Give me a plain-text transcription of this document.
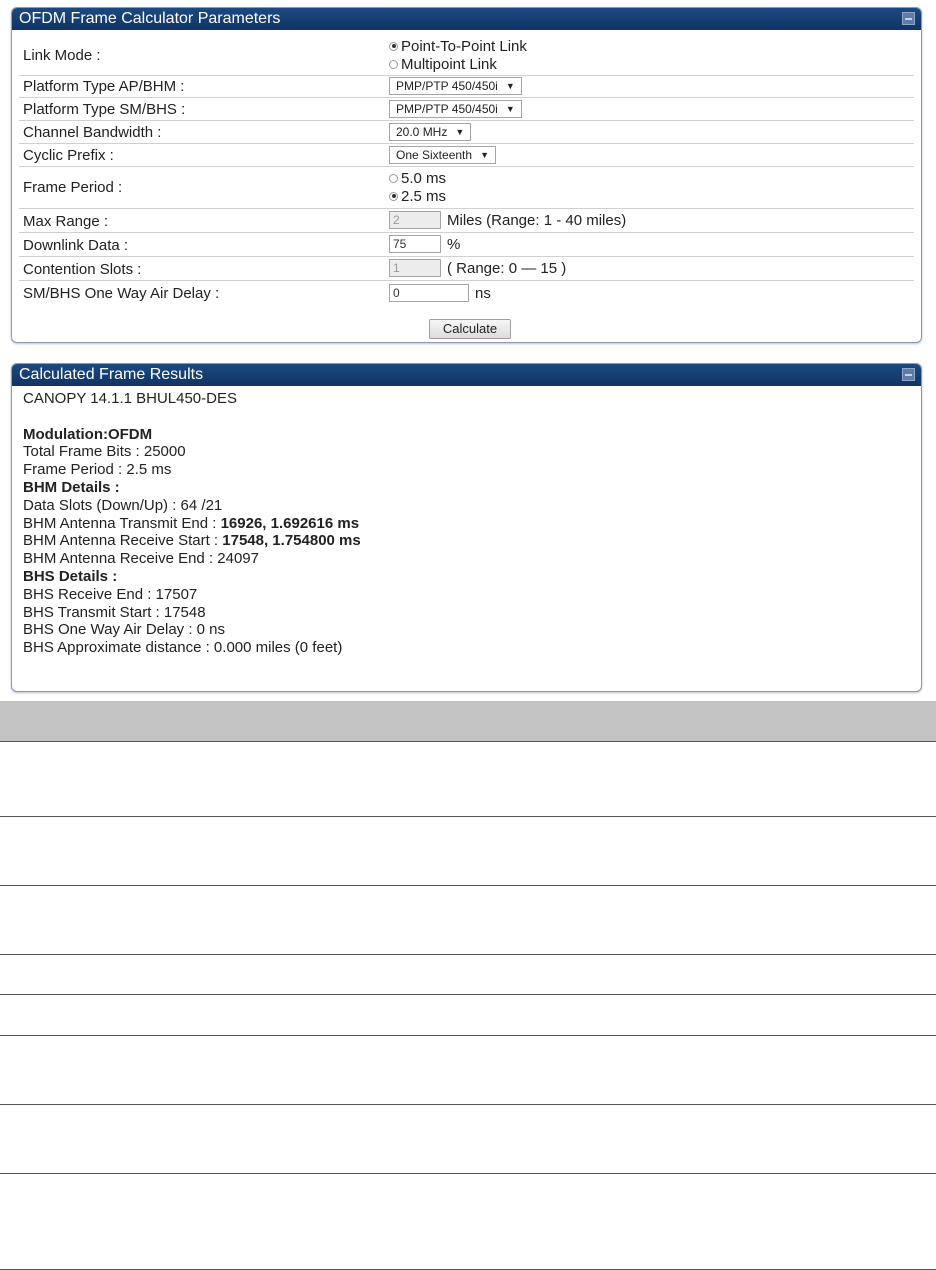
OFDM Frame Calculator Parameters
Link Mode :
Point-To-Point Link
Multipoint Link
Platform Type AP/BHM :	PMP/PTP 450/450i ▼
Platform Type SM/BHS :	PMP/PTP 450/450i ▼
Channel Bandwidth :	20.0 MHz ▼
Cyclic Prefix :	One Sixteenth ▼
Frame Period :
5.0 ms
2.5 ms
Max Range :	2	Miles (Range: 1 - 40 miles)
Downlink Data :	75	%
Contention Slots :	1	( Range: 0 — 15 )
SM/BHS One Way Air Delay :	0	ns
Calculate
Calculated Frame Results
CANOPY 14.1.1 BHUL450-DES
Modulation:OFDM
Total Frame Bits : 25000
Frame Period : 2.5 ms
BHM Details :
Data Slots (Down/Up) : 64 /21
BHM Antenna Transmit End : 16926, 1.692616 ms
BHM Antenna Receive Start : 17548, 1.754800 ms
BHM Antenna Receive End : 24097
BHS Details :
BHS Receive End : 17507
BHS Transmit Start : 17548
BHS One Way Air Delay : 0 ns
BHS Approximate distance : 0.000 miles (0 feet)
